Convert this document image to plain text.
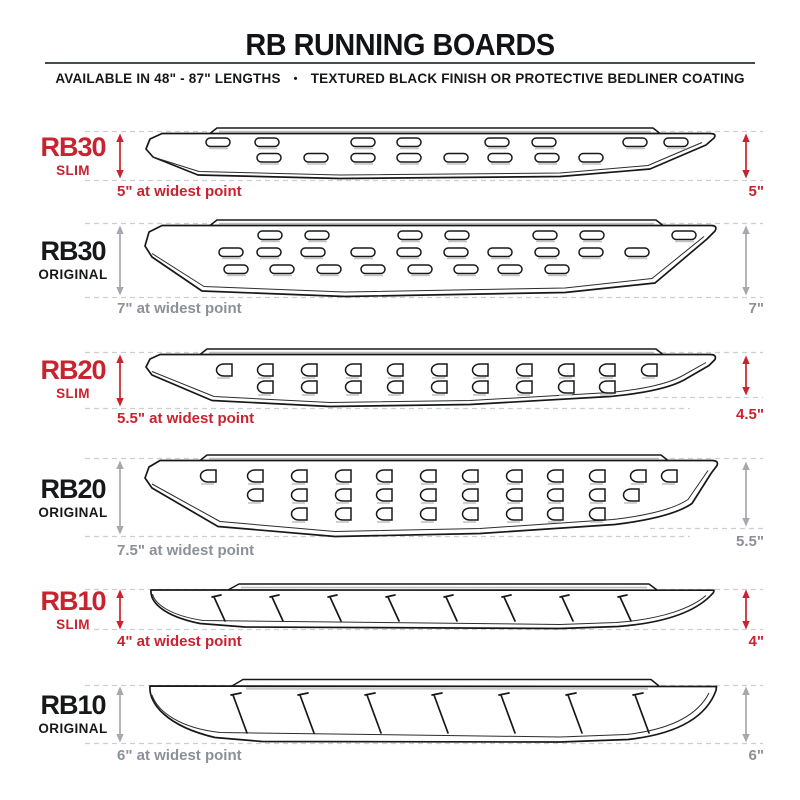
RB RUNNING BOARDS
AVAILABLE IN 48" - 87" LENGTHS • TEXTURED BLACK FINISH OR PROTECTIVE BEDLINER COATING
RB30
SLIM
5" at widest point	5"
RB30
ORIGINAL
7" at widest point	7"
RB20
SLIM
5.5" at widest point	4.5"
RB20
ORIGINAL
7.5" at widest point
5.5"
RB10
SLIM
4" at widest point	4"
RB10
ORIGINAL
6" at widest point	6"
